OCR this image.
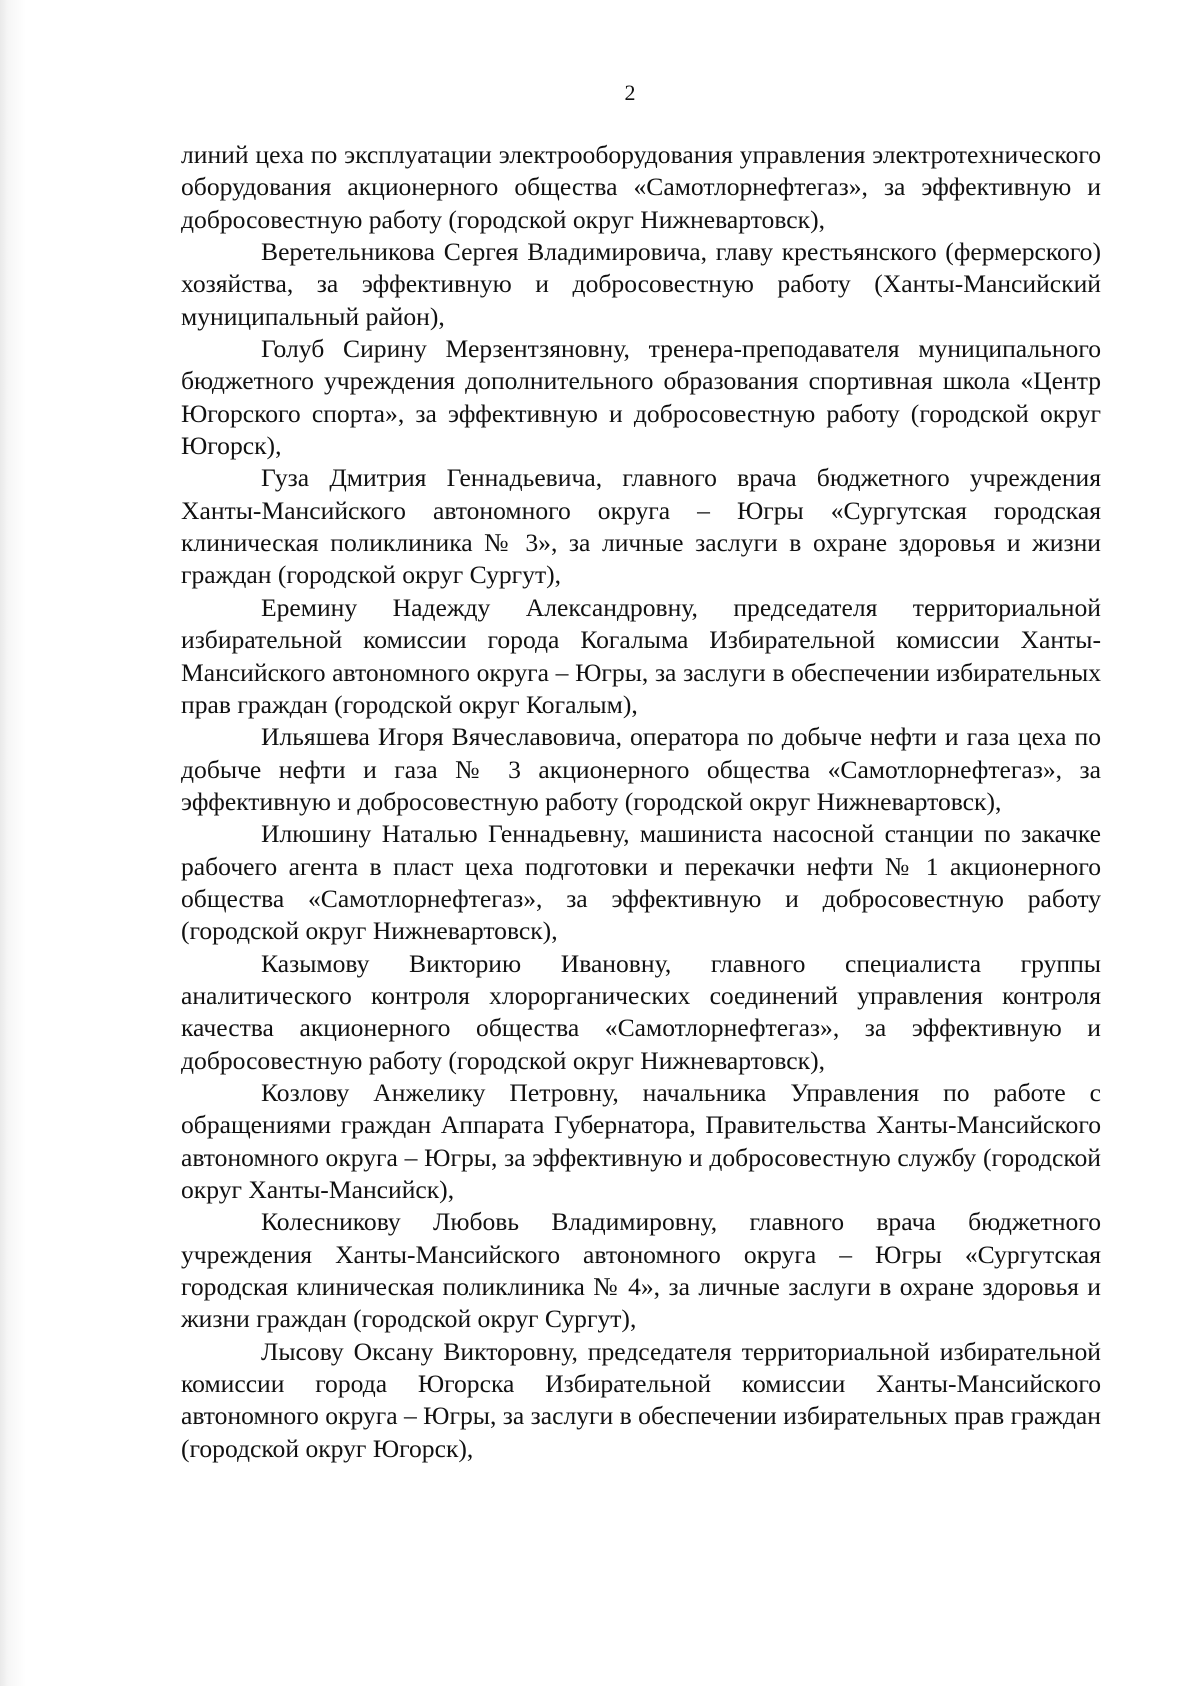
2

линий цеха по эксплуатации электрооборудования управления электротехнического оборудования акционерного общества «Самотлорнефтегаз», за эффективную и добросовестную работу (городской округ Нижневартовск),

Веретельникова Сергея Владимировича, главу крестьянского (фермерского) хозяйства, за эффективную и добросовестную работу (Ханты-Мансийский муниципальный район),

Голуб Сирину Мерзентзяновну, тренера-преподавателя муниципального бюджетного учреждения дополнительного образования спортивная школа «Центр Югорского спорта», за эффективную и добросовестную работу (городской округ Югорск),

Гуза Дмитрия Геннадьевича, главного врача бюджетного учреждения Ханты-Мансийского автономного округа – Югры «Сургутская городская клиническая поликлиника № 3», за личные заслуги в охране здоровья и жизни граждан (городской округ Сургут),

Еремину Надежду Александровну, председателя территориальной избирательной комиссии города Когалыма Избирательной комиссии Ханты-Мансийского автономного округа – Югры, за заслуги в обеспечении избирательных прав граждан (городской округ Когалым),

Ильяшева Игоря Вячеславовича, оператора по добыче нефти и газа цеха по добыче нефти и газа № 3 акционерного общества «Самотлорнефтегаз», за эффективную и добросовестную работу (городской округ Нижневартовск),

Илюшину Наталью Геннадьевну, машиниста насосной станции по закачке рабочего агента в пласт цеха подготовки и перекачки нефти № 1 акционерного общества «Самотлорнефтегаз», за эффективную и добросовестную работу (городской округ Нижневартовск),

Казымову Викторию Ивановну, главного специалиста группы аналитического контроля хлорорганических соединений управления контроля качества акционерного общества «Самотлорнефтегаз», за эффективную и добросовестную работу (городской округ Нижневартовск),

Козлову Анжелику Петровну, начальника Управления по работе с обращениями граждан Аппарата Губернатора, Правительства Ханты-Мансийского автономного округа – Югры, за эффективную и добросовестную службу (городской округ Ханты-Мансийск),

Колесникову Любовь Владимировну, главного врача бюджетного учреждения Ханты-Мансийского автономного округа – Югры «Сургутская городская клиническая поликлиника № 4», за личные заслуги в охране здоровья и жизни граждан (городской округ Сургут),

Лысову Оксану Викторовну, председателя территориальной избирательной комиссии города Югорска Избирательной комиссии Ханты-Мансийского автономного округа – Югры, за заслуги в обеспечении избирательных прав граждан (городской округ Югорск),
